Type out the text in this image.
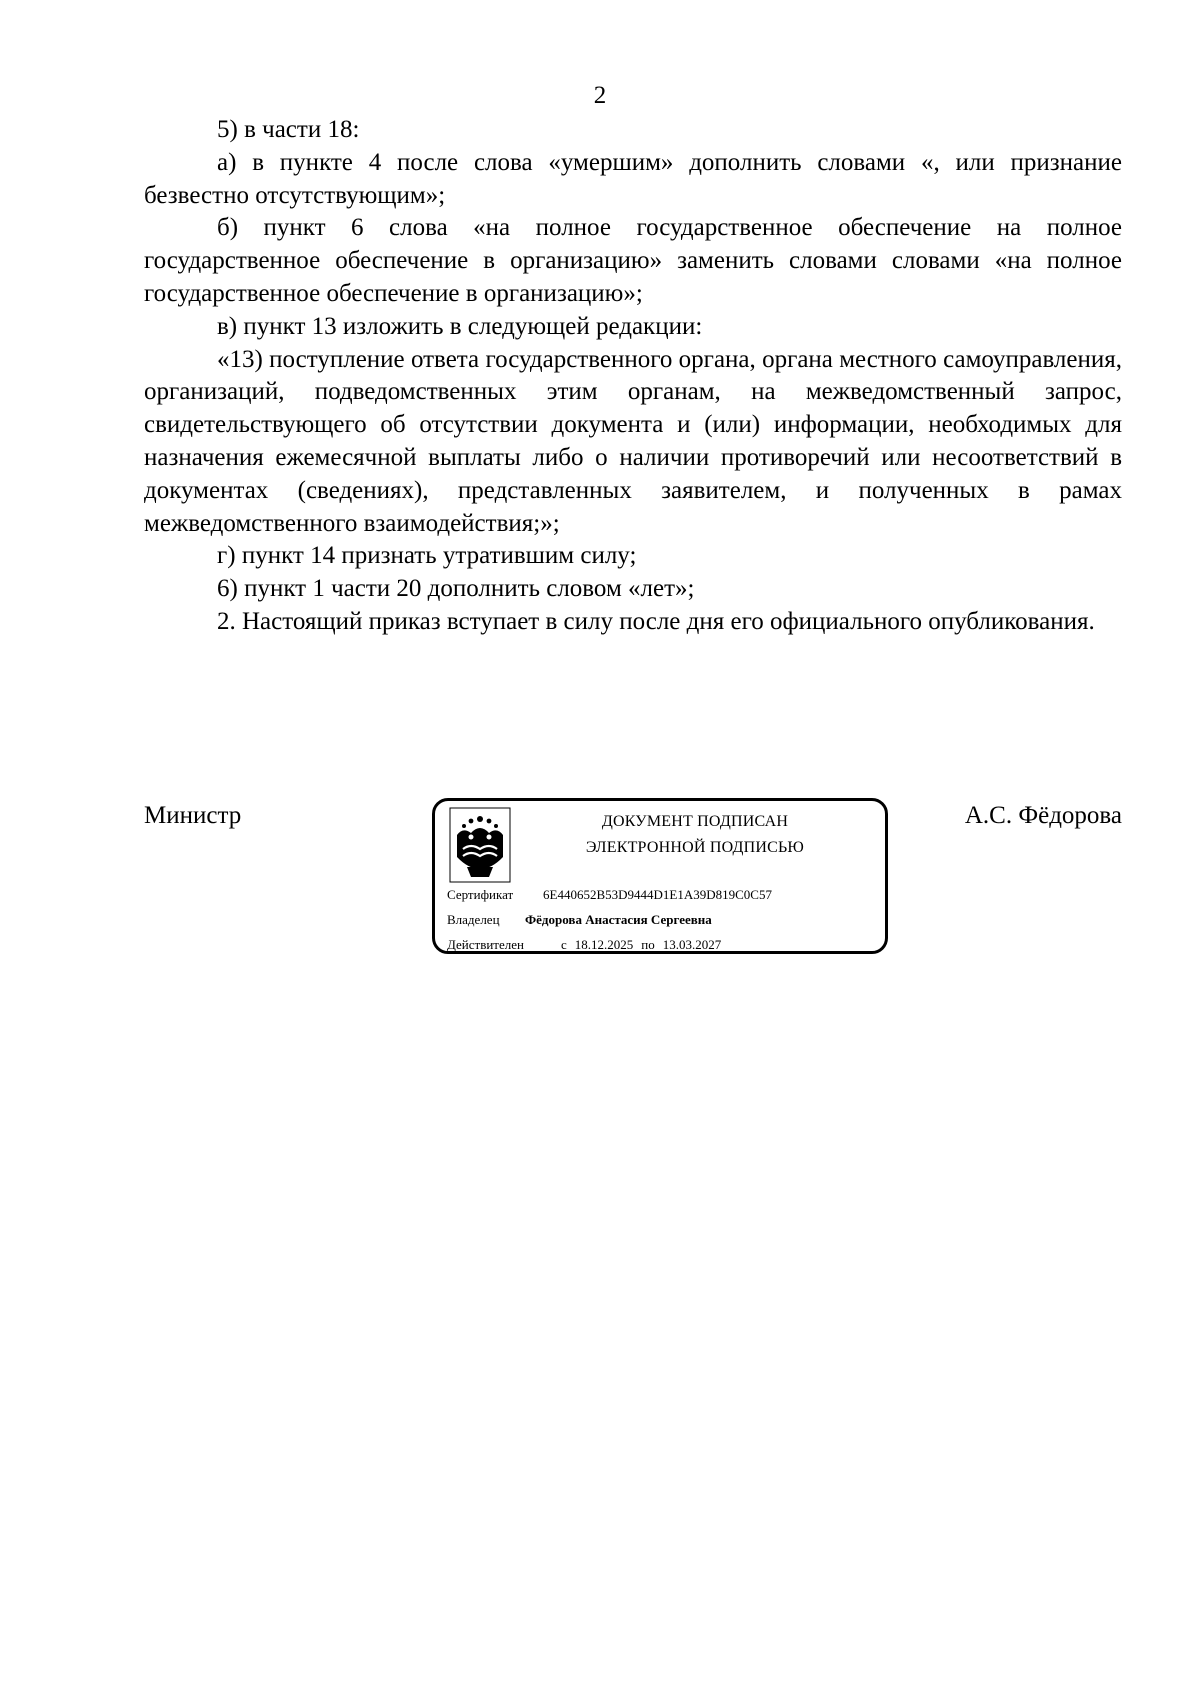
2

5) в части 18:

а) в пункте 4 после слова «умершим» дополнить словами «, или признание безвестно отсутствующим»;

б) пункт 6 слова «на полное государственное обеспечение на полное государственное обеспечение в организацию» заменить словами словами «на полное государственное обеспечение в организацию»;

в) пункт 13 изложить в следующей редакции:

«13) поступление ответа государственного органа, органа местного самоуправления, организаций, подведомственных этим органам, на межведомственный запрос, свидетельствующего об отсутствии документа и (или) информации, необходимых для назначения ежемесячной выплаты либо о наличии противоречий или несоответствий в документах (сведениях), представленных заявителем, и полученных в рамах межведомственного взаимодействия;»;

г) пункт 14 признать утратившим силу;

6) пункт 1 части 20 дополнить словом «лет»;

2. Настоящий приказ вступает в силу после дня его официального опубликования.

Министр	ДОКУМЕНТ ПОДПИСАН
ЭЛЕКТРОННОЙ ПОДПИСЬЮ
Сертификат 6E440652B53D9444D1E1A39D819C0C57
Владелец Фёдорова Анастасия Сергеевна
Действителен	с 18.12.2025 по 13.03.2027
А.С. Фёдорова
